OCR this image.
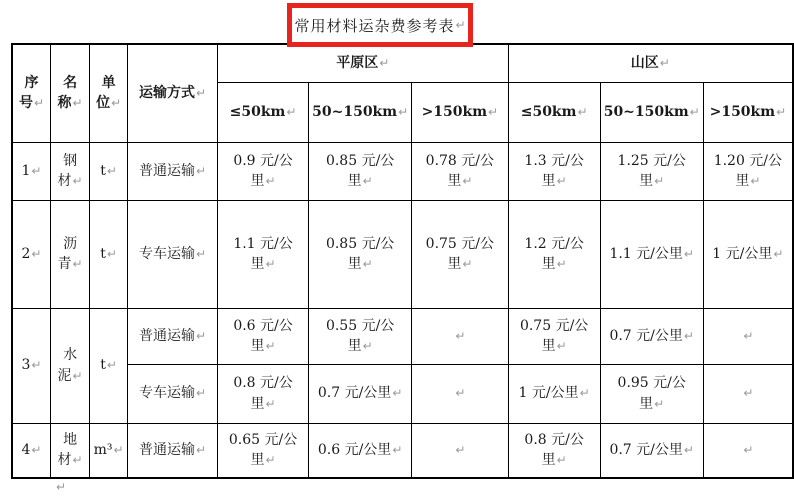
常用材料运杂费参考表 ↵
序
号↵	名
称↵	单
位↵	运输方式↵	平原区↵			山区↵		
				≤50km↵	50~150km↵	>150km↵	≤50km↵	50~150km↵	>150km↵
1↵	钢
材↵	t↵	普通运输↵	0.9 元/公
里↵	0.85 元/公
里↵	0.78 元/公
里↵	1.3 元/公
里↵	1.25 元/公
里↵	1.20 元/公
里↵
2↵	沥
青↵	t↵	专车运输↵	1.1 元/公
里↵	0.85 元/公
里↵	0.75 元/公
里↵	1.2 元/公
里↵	1.1 元/公里↵	1 元/公里↵
3↵	水
泥↵	t↵	普通运输↵	0.6 元/公
里↵	0.55 元/公
里↵	↵	0.75 元/公
里↵	0.7 元/公里↵	↵
			专车运输↵	0.8 元/公
里↵	0.7 元/公里↵	↵	1 元/公里↵	0.95 元/公
里↵	↵
4↵	地
材↵	m³↵	普通运输↵	0.65 元/公
里↵	0.6 元/公里↵	↵	0.8 元/公
里↵	0.7 元/公里↵	↵
↵
